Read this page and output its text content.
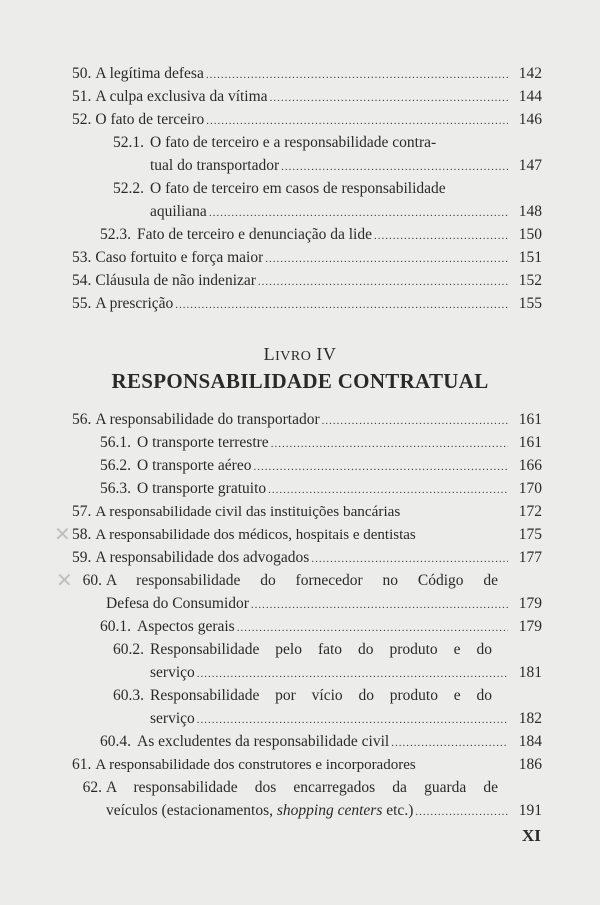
50. A legítima defesa .....	142
51. A culpa exclusiva da vítima .....	144
52. O fato de terceiro .....	146
52.1. O fato de terceiro e a responsabilidade contra-
tual do transportador .....	147
52.2. O fato de terceiro em casos de responsabilidade
aquiliana .....	148
52.3. Fato de terceiro e denunciação da lide .....	150
53. Caso fortuito e força maior .....	151
54. Cláusula de não indenizar .....	152
55. A prescrição .....	155
LIVRO IV
RESPONSABILIDADE CONTRATUAL
56. A responsabilidade do transportador .....	161
56.1. O transporte terrestre .....	161
56.2. O transporte aéreo .....	166
56.3. O transporte gratuito .....	170
57. A responsabilidade civil das instituições bancárias	172
58. A responsabilidade dos médicos, hospitais e dentistas	175
59. A responsabilidade dos advogados .....	177
60. A responsabilidade do fornecedor no Código de
Defesa do Consumidor .....	179
60.1. Aspectos gerais .....	179
60.2. Responsabilidade pelo fato do produto e do
serviço .....	181
60.3. Responsabilidade por vício do produto e do
serviço .....	182
60.4. As excludentes da responsabilidade civil .....	184
61. A responsabilidade dos construtores e incorporadores	186
62. A responsabilidade dos encarregados da guarda de
veículos (estacionamentos, shopping centers etc.) .....	191
✕
✕
XI
